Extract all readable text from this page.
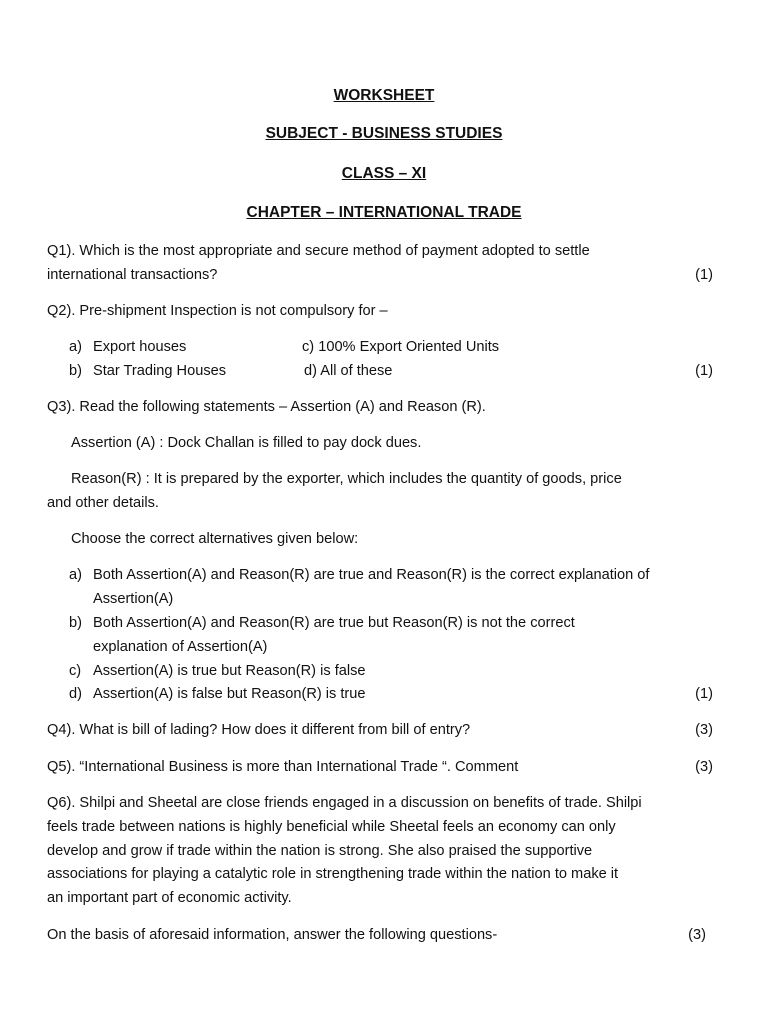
WORKSHEET
SUBJECT - BUSINESS STUDIES
CLASS – XI
CHAPTER – INTERNATIONAL TRADE
Q1). Which is the most appropriate and secure method of payment adopted to settle
international transactions?	(1)
Q2). Pre-shipment Inspection is not compulsory for –
a) Export houses	c) 100% Export Oriented Units
b) Star Trading Houses	d) All of these	(1)
Q3). Read the following statements – Assertion (A) and Reason (R).
Assertion (A) : Dock Challan is filled to pay dock dues.
Reason(R) : It is prepared by the exporter, which includes the quantity of goods, price
and other details.
Choose the correct alternatives given below:
a) Both Assertion(A) and Reason(R) are true and Reason(R) is the correct explanation of
Assertion(A)
b) Both Assertion(A) and Reason(R) are true but Reason(R) is not the correct
explanation of Assertion(A)
c) Assertion(A) is true but Reason(R) is false
d) Assertion(A) is false but Reason(R) is true	(1)
Q4). What is bill of lading? How does it different from bill of entry?	(3)
Q5). “International Business is more than International Trade “. Comment	(3)
Q6). Shilpi and Sheetal are close friends engaged in a discussion on benefits of trade. Shilpi
feels trade between nations is highly beneficial while Sheetal feels an economy can only
develop and grow if trade within the nation is strong. She also praised the supportive
associations for playing a catalytic role in strengthening trade within the nation to make it
an important part of economic activity.
On the basis of aforesaid information, answer the following questions-	(3)
